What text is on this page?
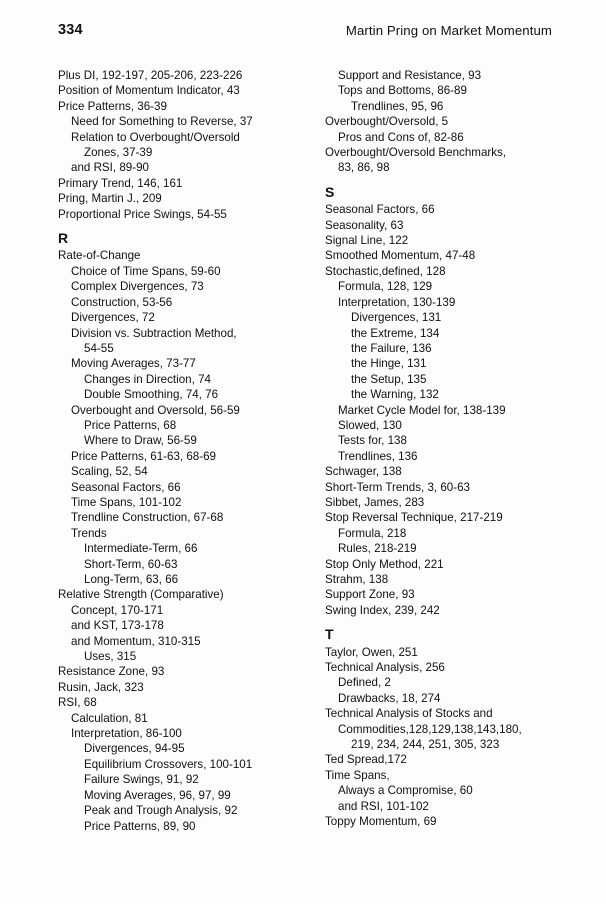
334	Martin Pring on Market Momentum
Plus DI, 192-197, 205-206, 223-226
Position of Momentum Indicator, 43
Price Patterns, 36-39
Need for Something to Reverse, 37
Relation to Overbought/Oversold
Zones, 37-39
and RSI, 89-90
Primary Trend, 146, 161
Pring, Martin J., 209
Proportional Price Swings, 54-55
R
Rate-of-Change
Choice of Time Spans, 59-60
Complex Divergences, 73
Construction, 53-56
Divergences, 72
Division vs. Subtraction Method,
54-55
Moving Averages, 73-77
Changes in Direction, 74
Double Smoothing, 74, 76
Overbought and Oversold, 56-59
Price Patterns, 68
Where to Draw, 56-59
Price Patterns, 61-63, 68-69
Scaling, 52, 54
Seasonal Factors, 66
Time Spans, 101-102
Trendline Construction, 67-68
Trends
Intermediate-Term, 66
Short-Term, 60-63
Long-Term, 63, 66
Relative Strength (Comparative)
Concept, 170-171
and KST, 173-178
and Momentum, 310-315
Uses, 315
Resistance Zone, 93
Rusin, Jack, 323
RSI, 68
Calculation, 81
Interpretation, 86-100
Divergences, 94-95
Equilibrium Crossovers, 100-101
Failure Swings, 91, 92
Moving Averages, 96, 97, 99
Peak and Trough Analysis, 92
Price Patterns, 89, 90
Support and Resistance, 93
Tops and Bottoms, 86-89
Trendlines, 95, 96
Overbought/Oversold, 5
Pros and Cons of, 82-86
Overbought/Oversold Benchmarks,
83, 86, 98
S
Seasonal Factors, 66
Seasonality, 63
Signal Line, 122
Smoothed Momentum, 47-48
Stochastic,defined, 128
Formula, 128, 129
Interpretation, 130-139
Divergences, 131
the Extreme, 134
the Failure, 136
the Hinge, 131
the Setup, 135
the Warning, 132
Market Cycle Model for, 138-139
Slowed, 130
Tests for, 138
Trendlines, 136
Schwager, 138
Short-Term Trends, 3, 60-63
Sibbet, James, 283
Stop Reversal Technique, 217-219
Formula, 218
Rules, 218-219
Stop Only Method, 221
Strahm, 138
Support Zone, 93
Swing Index, 239, 242
T
Taylor, Owen, 251
Technical Analysis, 256
Defined, 2
Drawbacks, 18, 274
Technical Analysis of Stocks and
Commodities,128,129,138,143,180,
219, 234, 244, 251, 305, 323
Ted Spread,172
Time Spans,
Always a Compromise, 60
and RSI, 101-102
Toppy Momentum, 69
